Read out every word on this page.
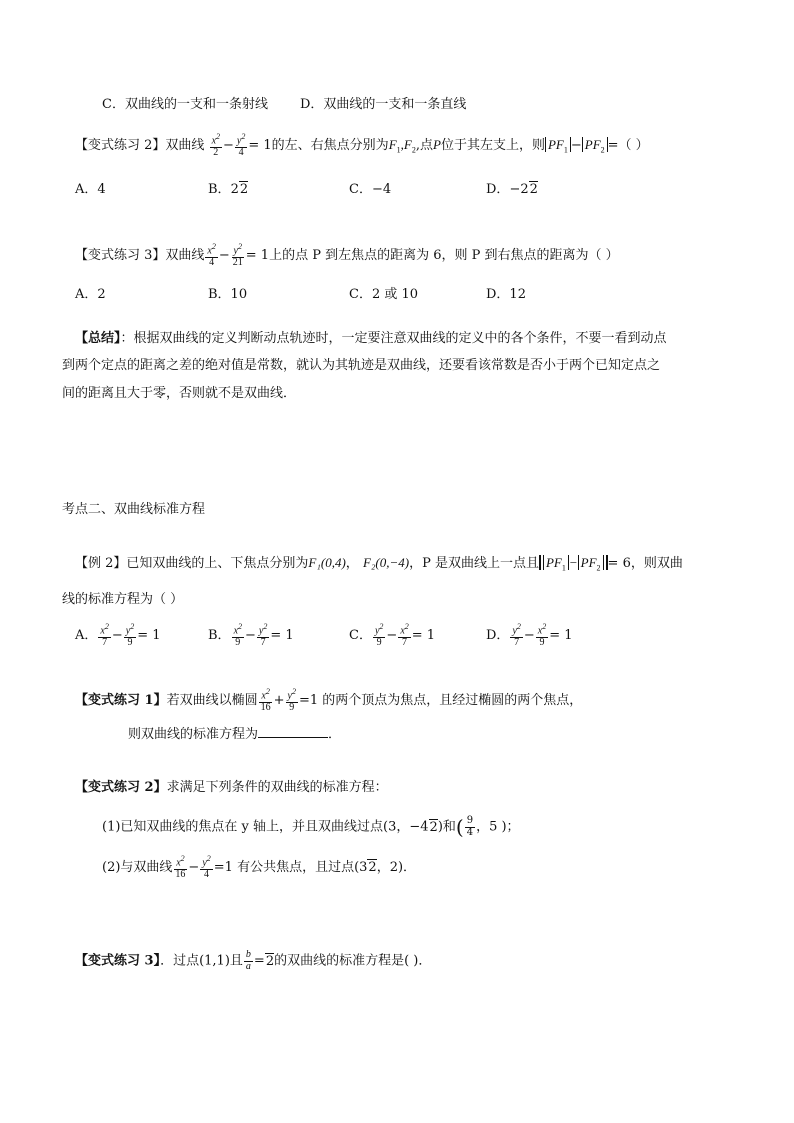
C．双曲线的一支和一条射线 D．双曲线的一支和一条直线
【变式练习 2】双曲线 $\frac{x^2}{2} - \frac{y^2}{4} = 1$的左、右焦点分别为$F_1,F_2$,点P位于其左支上，则 $PF_1 - PF_2$ =（ ）
A．4	B．22	C．−4	D．−22
【变式练习 3】双曲线 $\frac{x^2}{4} - \frac{y^2}{21} = 1$上的点 P 到左焦点的距离为 6，则 P 到右焦点的距离为（ ）
A．2	B．10	C．2 或 10	D．12
【总结】：根据双曲线的定义判断动点轨迹时，一定要注意双曲线的定义中的各个条件，不要一看到动点
到两个定点的距离之差的绝对值是常数，就认为其轨迹是双曲线，还要看该常数是否小于两个已知定点之
间的距离且大于零，否则就不是双曲线．
考点二、双曲线标准方程
【例 2】已知双曲线的上、下焦点分别为F₁(0,4)， F₂(0,−4)，P 是双曲线上一点且 $PF_1 - PF_2 = 6$，则双曲
线的标准方程为（ ）
A． $\frac{x^2}{7} - \frac{y^2}{9} = 1$	B． $\frac{x^2}{9} - \frac{y^2}{7} = 1$	C． $\frac{y^2}{9} - \frac{x^2}{7} = 1$	D． $\frac{y^2}{7} - \frac{x^2}{9} = 1$
【变式练习 1】若双曲线以椭圆 $\frac{x^2}{16} + \frac{y^2}{9} =1$ 的两个顶点为焦点，且经过椭圆的两个焦点，
则双曲线的标准方程为	．
【变式练习 2】求满足下列条件的双曲线的标准方程：
(1)已知双曲线的焦点在 y 轴上，并且双曲线过点(3，−42)和( $\frac{9}{4}$ ，5 )；
(2)与双曲线 $\frac{x^2}{16} - \frac{y^2}{4} =1$ 有公共焦点，且过点(32，2)．
【变式练习 3】．过点(1,1)且 $\frac{b}{a} =2$的双曲线的标准方程是( )．
